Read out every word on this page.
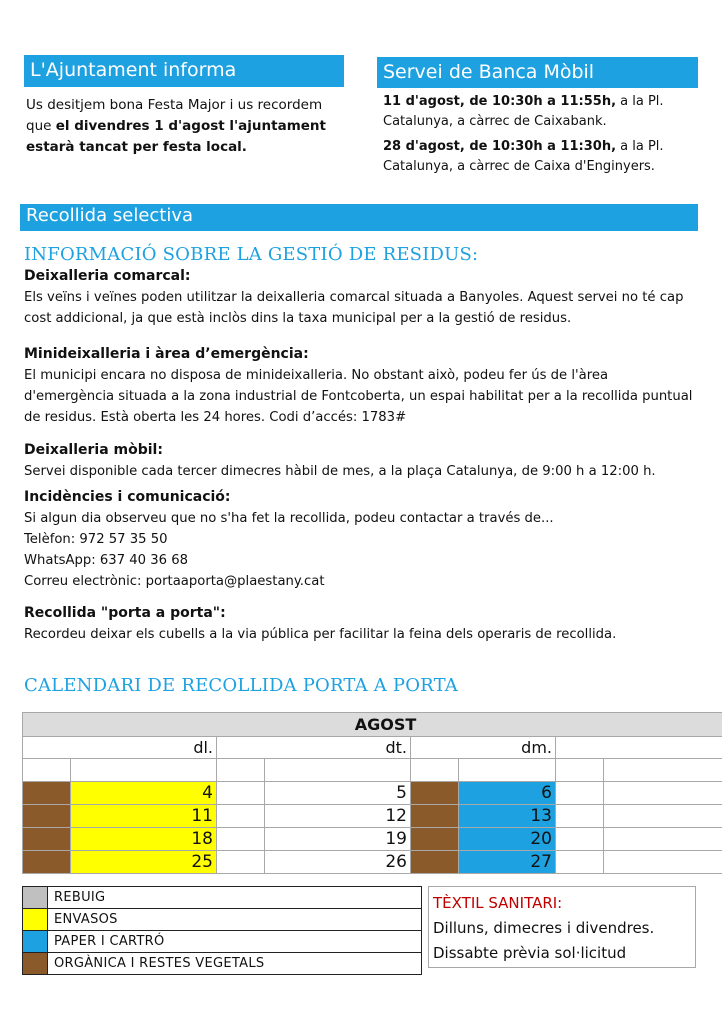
L'Ajuntament informa
Us desitjem bona Festa Major i us recordem que el divendres 1 d'agost l'ajuntament estarà tancat per festa local.
Servei de Banca Mòbil
11 d'agost, de 10:30h a 11:55h, a la Pl. Catalunya, a càrrec de Caixabank.
28 d'agost, de 10:30h a 11:30h, a la Pl. Catalunya, a càrrec de Caixa d'Enginyers.
Recollida selectiva
INFORMACIÓ SOBRE LA GESTIÓ DE RESIDUS:
Deixalleria comarcal:
Els veïns i veïnes poden utilitzar la deixalleria comarcal situada a Banyoles. Aquest servei no té cap cost addicional, ja que està inclòs dins la taxa municipal per a la gestió de residus.
Minideixalleria i àrea d’emergència:
El municipi encara no disposa de minideixalleria. No obstant això, podeu fer ús de l'àrea d'emergència situada a la zona industrial de Fontcoberta, un espai habilitat per a la recollida puntual de residus. Està oberta les 24 hores. Codi d’accés: 1783#
Deixalleria mòbil:
Servei disponible cada tercer dimecres hàbil de mes, a la plaça Catalunya, de 9:00 h a 12:00 h.
Incidències i comunicació:
Si algun dia observeu que no s'ha fet la recollida, podeu contactar a través de...
Telèfon: 972 57 35 50
WhatsApp: 637 40 36 68
Correu electrònic: portaaporta@plaestany.cat
Recollida "porta a porta":
Recordeu deixar els cubells a la via pública per facilitar la feina dels operaris de recollida.
CALENDARI DE RECOLLIDA PORTA A PORTA
AGOST								
dl.		dt.		dm.				

	4		5		6						
	11		12		13						
	18		19		20						
	25		26		27						
REBUIG
ENVASOS
PAPER I CARTRÓ
ORGÀNICA I RESTES VEGETALS
TÈXTIL SANITARI:
Dilluns, dimecres i divendres.
Dissabte prèvia sol·licitud
